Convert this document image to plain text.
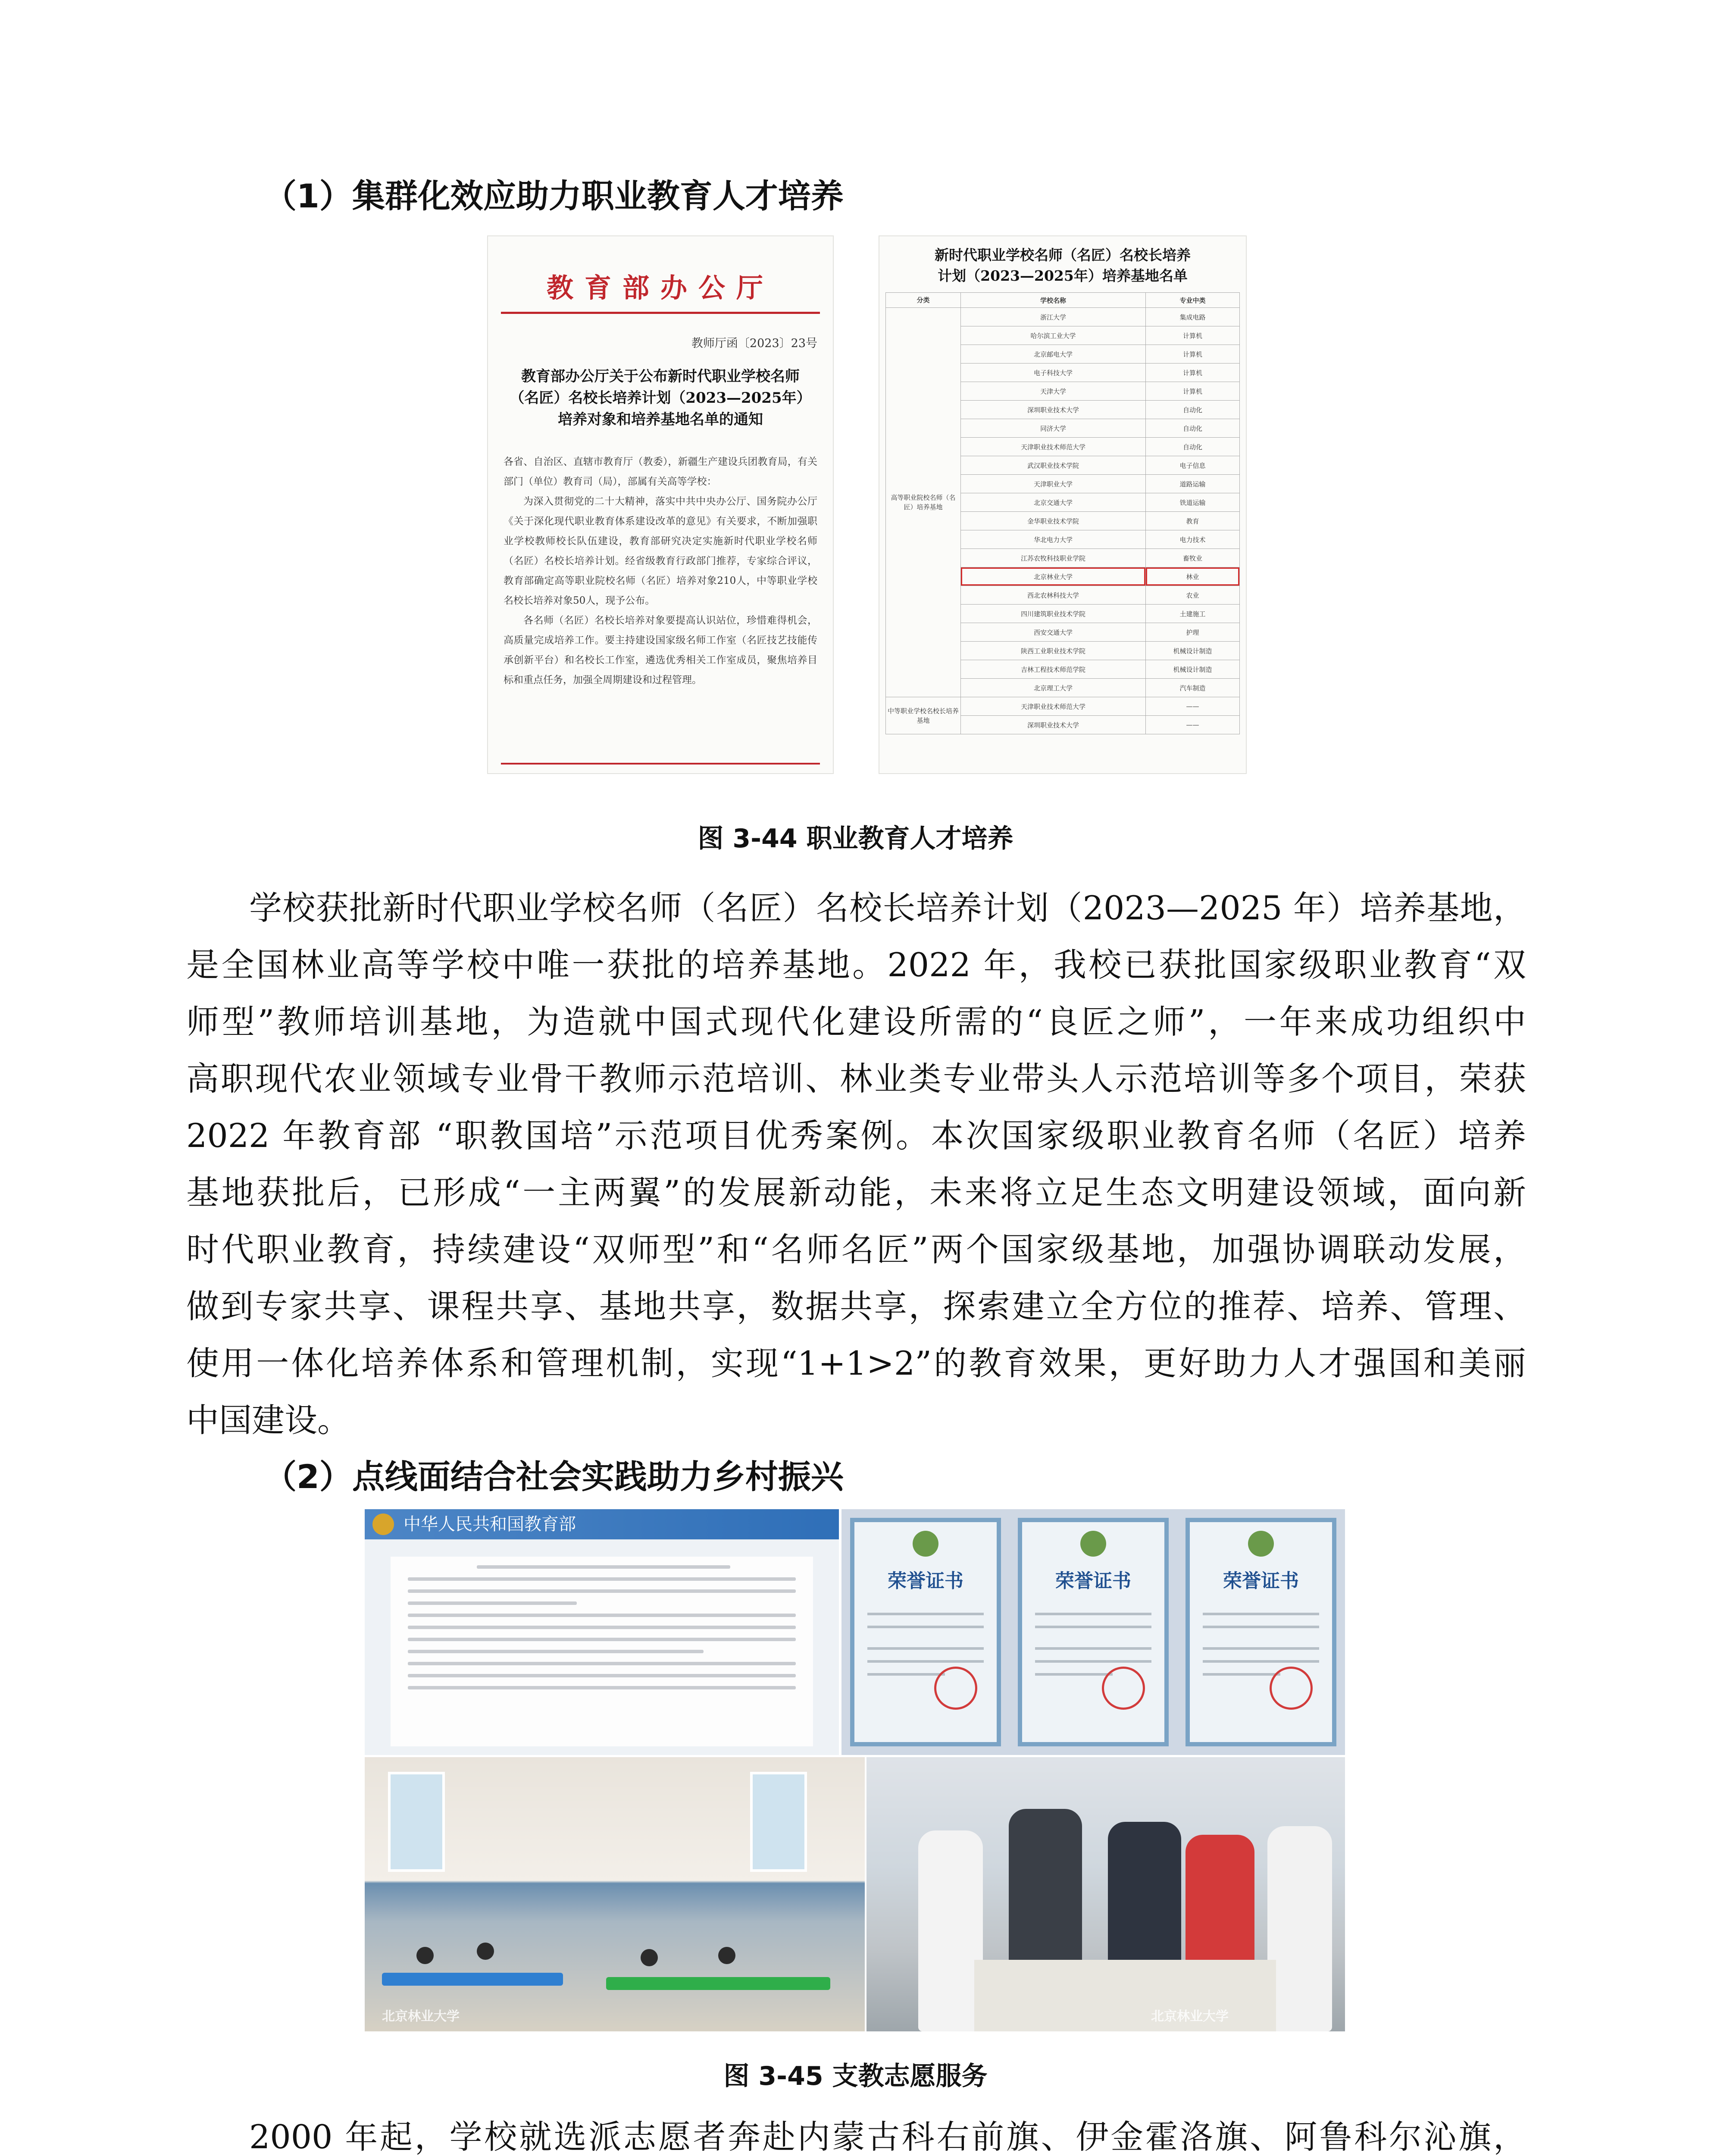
（1）集群化效应助力职业教育人才培养
教育部办公厅
教师厅函〔2023〕23号
教育部办公厅关于公布新时代职业学校名师
（名匠）名校长培养计划（2023—2025年）
培养对象和培养基地名单的通知

各省、自治区、直辖市教育厅（教委），新疆生产建设兵团教育局，有关部门（单位）教育司（局），部属有关高等学校：

为深入贯彻党的二十大精神，落实中共中央办公厅、国务院办公厅《关于深化现代职业教育体系建设改革的意见》有关要求，不断加强职业学校教师校长队伍建设，教育部研究决定实施新时代职业学校名师（名匠）名校长培养计划。经省级教育行政部门推荐，专家综合评议，教育部确定高等职业院校名师（名匠）培养对象210人，中等职业学校名校长培养对象50人，现予公布。

各名师（名匠）名校长培养对象要提高认识站位，珍惜难得机会，高质量完成培养工作。要主持建设国家级名师工作室（名匠技艺技能传承创新平台）和名校长工作室，遴选优秀相关工作室成员，聚焦培养目标和重点任务，加强全周期建设和过程管理。

新时代职业学校名师（名匠）名校长培养
计划（2023—2025年）培养基地名单
分类	学校名称	专业中类
高等职业院校名师（名匠）培养基地	浙江大学	集成电路
	哈尔滨工业大学	计算机
	北京邮电大学	计算机
	电子科技大学	计算机
	天津大学	计算机
	深圳职业技术大学	自动化
	同济大学	自动化
	天津职业技术师范大学	自动化
	武汉职业技术学院	电子信息
	天津职业大学	道路运输
	北京交通大学	铁道运输
	金华职业技术学院	教育
	华北电力大学	电力技术
	江苏农牧科技职业学院	畜牧业
	北京林业大学	林业
	西北农林科技大学	农业
	四川建筑职业技术学院	土建施工
	西安交通大学	护理
	陕西工业职业技术学院	机械设计制造
	吉林工程技术师范学院	机械设计制造
	北京理工大学	汽车制造
中等职业学校名校长培养基地	天津职业技术师范大学	——
	深圳职业技术大学	——
图 3-44 职业教育人才培养
学校获批新时代职业学校名师（名匠）名校长培养计划（2023—2025 年）培养基地，
是全国林业高等学校中唯一获批的培养基地。2022 年，我校已获批国家级职业教育“双
师型”教师培训基地，为造就中国式现代化建设所需的“良匠之师”，一年来成功组织中
高职现代农业领域专业骨干教师示范培训、林业类专业带头人示范培训等多个项目，荣获
2022 年教育部 “职教国培”示范项目优秀案例。本次国家级职业教育名师（名匠）培养
基地获批后，已形成“一主两翼”的发展新动能，未来将立足生态文明建设领域，面向新
时代职业教育，持续建设“双师型”和“名师名匠”两个国家级基地，加强协调联动发展，
做到专家共享、课程共享、基地共享，数据共享，探索建立全方位的推荐、培养、管理、
使用一体化培养体系和管理机制，实现“1+1>2”的教育效果，更好助力人才强国和美丽
中国建设。
（2）点线面结合社会实践助力乡村振兴
中华人民共和国教育部
荣誉证书	荣誉证书	荣誉证书
北京林业大学	北京林业大学
图 3-45 支教志愿服务
2000 年起，学校就选派志愿者奔赴内蒙古科右前旗、伊金霍洛旗、阿鲁科尔沁旗，
